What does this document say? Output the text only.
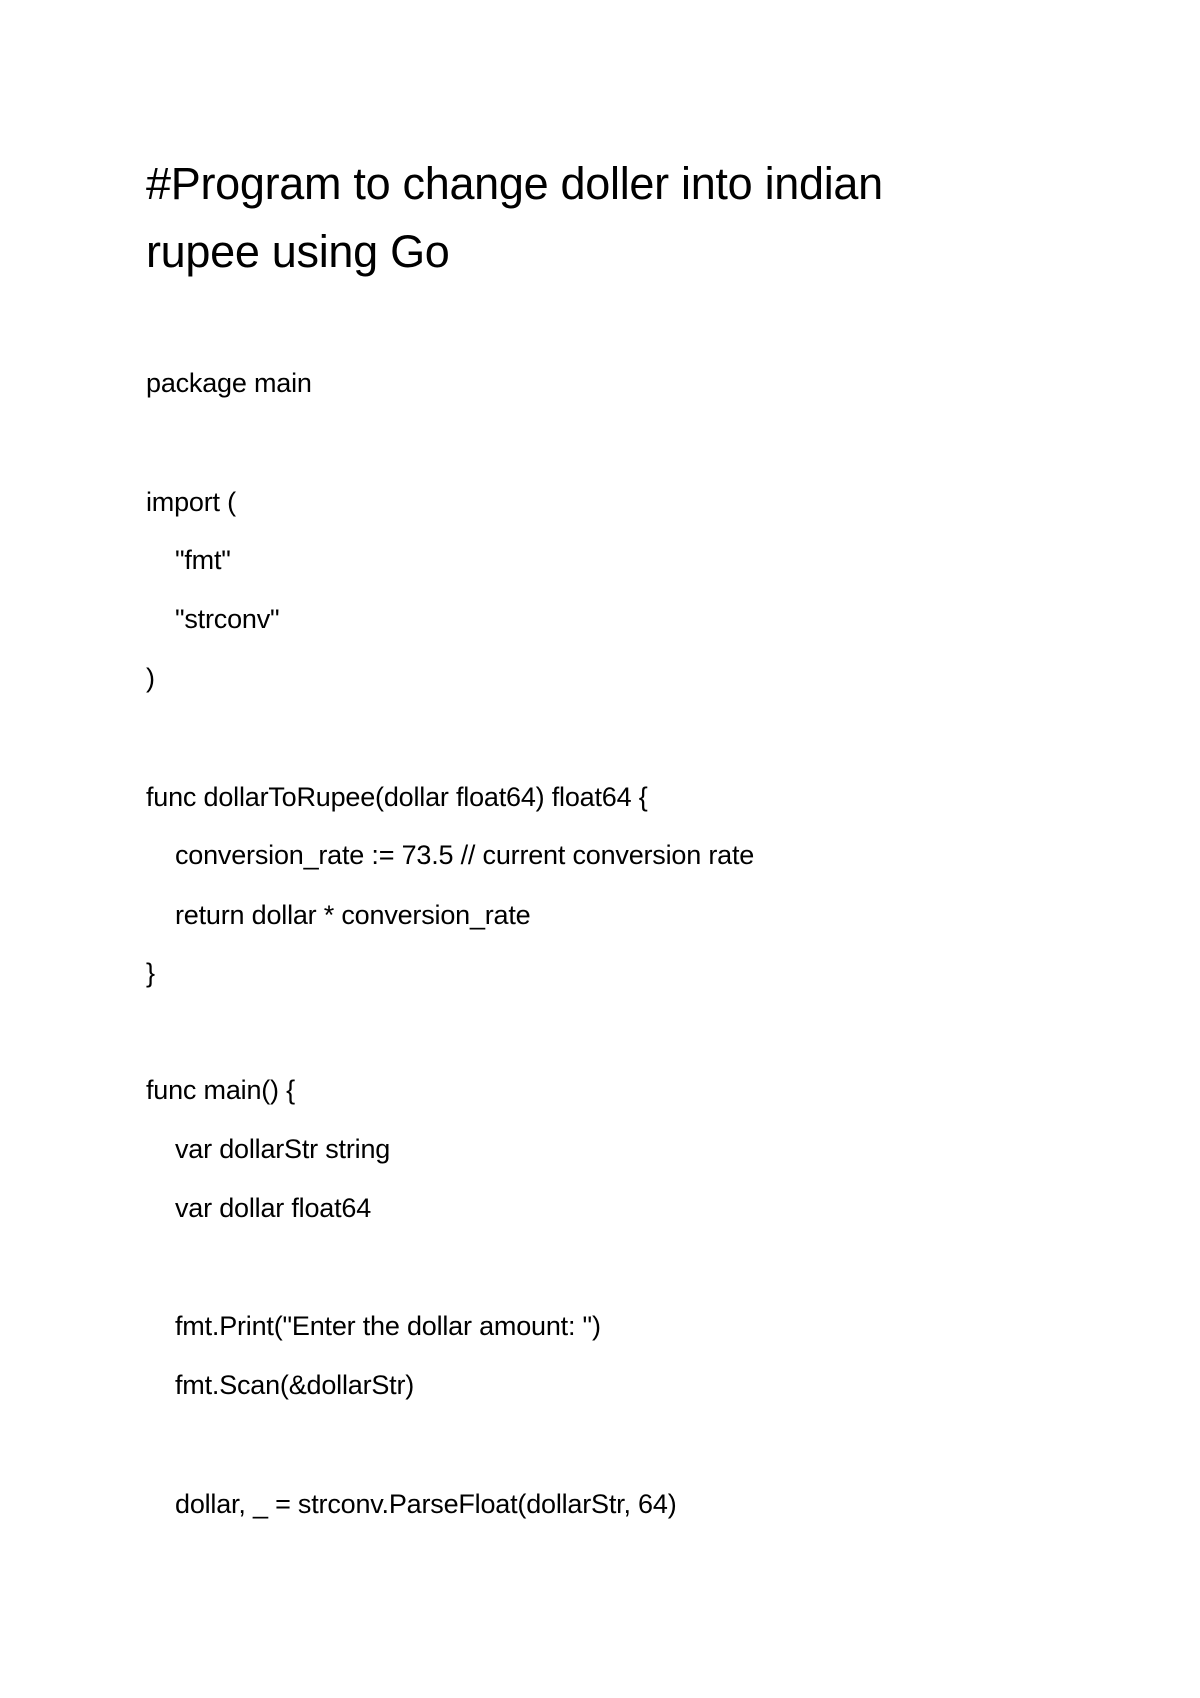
#Program to change doller into indian
rupee using Go

package main

import (

"fmt"

"strconv"

)

func dollarToRupee(dollar float64) float64 {

conversion_rate := 73.5 // current conversion rate

return dollar * conversion_rate

}

func main() {

var dollarStr string

var dollar float64

fmt.Print("Enter the dollar amount: ")

fmt.Scan(&dollarStr)

dollar, _ = strconv.ParseFloat(dollarStr, 64)
